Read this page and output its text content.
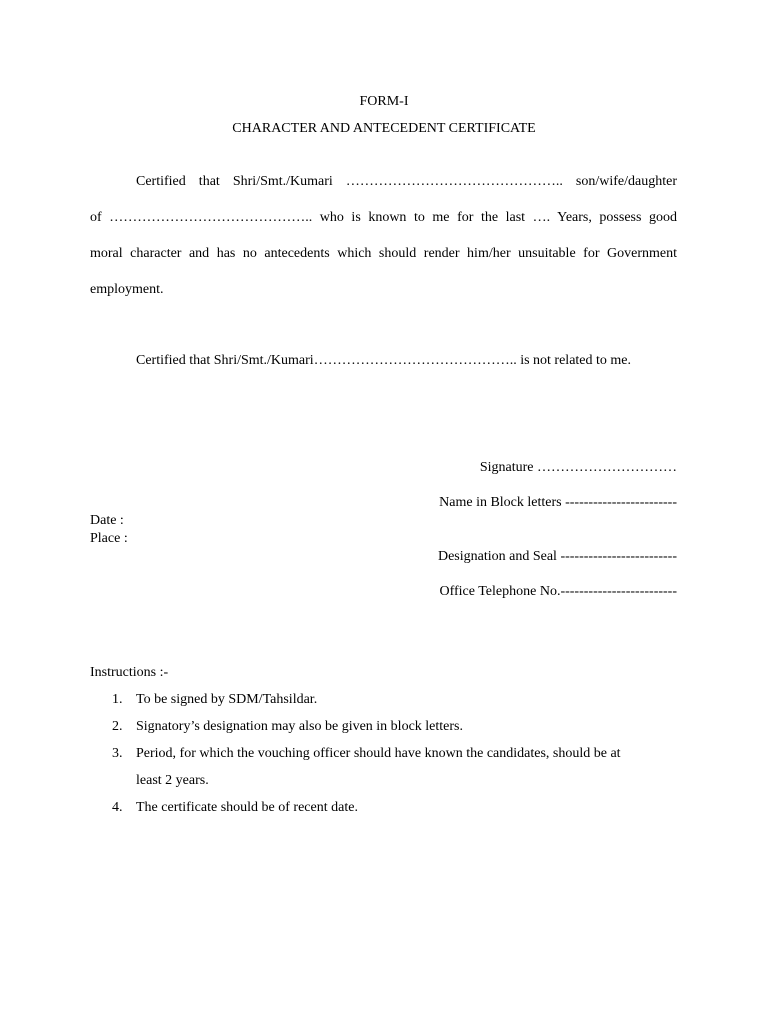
FORM-I
CHARACTER AND ANTECEDENT CERTIFICATE
Certified that Shri/Smt./Kumari ……………………………………….. son/wife/daughter
of …………………………………….. who is known to me for the last …. Years, possess good
moral character and has no antecedents which should render him/her unsuitable for Government
employment.
Certified that Shri/Smt./Kumari…………………………………….. is not related to me.
Signature …………………………
Name in Block letters ------------------------
Designation and Seal -------------------------
Office Telephone No.-------------------------
Date :
Place :
Instructions :-
1. To be signed by SDM/Tahsildar.
2. Signatory’s designation may also be given in block letters.
3. Period, for which the vouching officer should have known the candidates, should be at
least 2 years.
4. The certificate should be of recent date.
